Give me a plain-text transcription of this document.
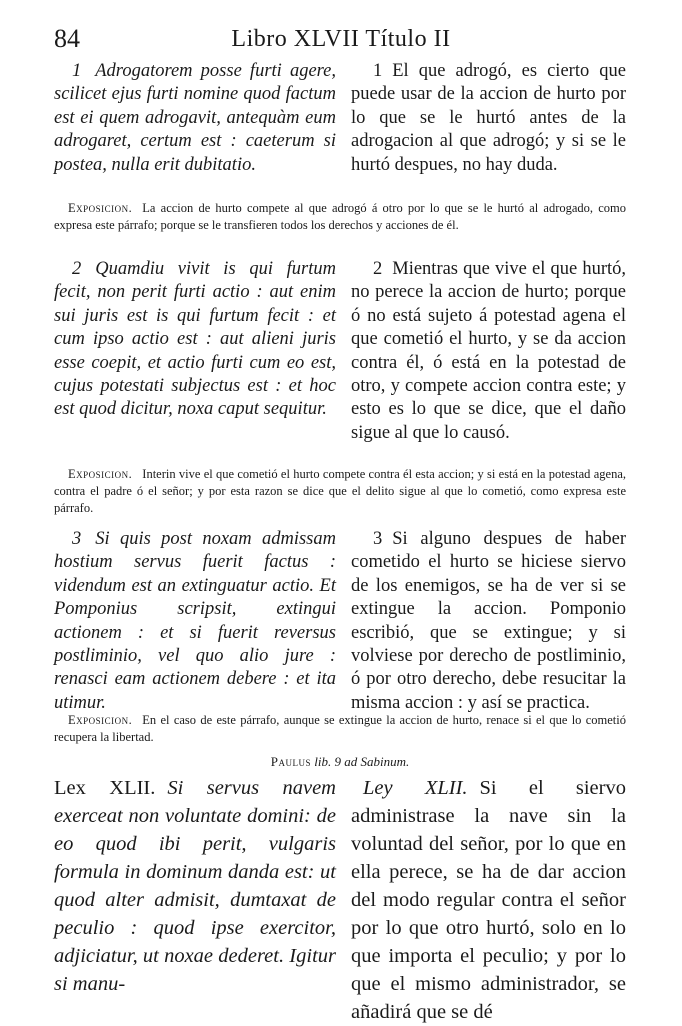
84	Libro XLVII Título II
1 Adrogatorem posse furti agere, scilicet ejus furti nomine quod factum est ei quem adrogavit, antequàm eum adrogaret, certum est : caeterum si postea, nulla erit dubitatio.
1 El que adrogó, es cierto que puede usar de la accion de hurto por lo que se le hurtó antes de la adrogacion al que adrogó; y si se le hurtó despues, no hay duda.
Exposicion. La accion de hurto compete al que adrogó á otro por lo que se le hurtó al adrogado, como expresa este párrafo; porque se le transfieren todos los derechos y acciones de él.
2 Quamdiu vivit is qui furtum fecit, non perit furti actio : aut enim sui juris est is qui furtum fecit : et cum ipso actio est : aut alieni juris esse coepit, et actio furti cum eo est, cujus potestati subjectus est : et hoc est quod dicitur, noxa caput sequitur.
2 Mientras que vive el que hurtó, no perece la accion de hurto; porque ó no está sujeto á potestad agena el que cometió el hurto, y se da accion contra él, ó está en la potestad de otro, y compete accion contra este; y esto es lo que se dice, que el daño sigue al que lo causó.
Exposicion. Interin vive el que cometió el hurto compete contra él esta accion; y si está en la potestad agena, contra el padre ó el señor; y por esta razon se dice que el delito sigue al que lo cometió, como expresa este párrafo.
3 Si quis post noxam admissam hostium servus fuerit factus : videndum est an extinguatur actio. Et Pomponius scripsit, extingui actionem : et si fuerit reversus postliminio, vel quo alio jure : renasci eam actionem debere : et ita utimur.
3 Si alguno despues de haber cometido el hurto se hiciese siervo de los enemigos, se ha de ver si se extingue la accion. Pomponio escribió, que se extingue; y si volviese por derecho de postliminio, ó por otro derecho, debe resucitar la misma accion : y así se practica.
Exposicion. En el caso de este párrafo, aunque se extingue la accion de hurto, renace si el que lo cometió recupera la libertad.
Paulus lib. 9 ad Sabinum.
Lex XLII. Si servus navem exerceat non voluntate domini: de eo quod ibi perit, vulgaris formula in dominum danda est: ut quod alter admisit, dumtaxat de peculio : quod ipse exercitor, adjiciatur, ut noxae dederet. Igitur si manu-
Ley XLII. Si el siervo administrase la nave sin la voluntad del señor, por lo que en ella perece, se ha de dar accion del modo regular contra el señor por lo que otro hurtó, solo en lo que importa el peculio; y por lo que el mismo administrador, se añadirá que se dé
